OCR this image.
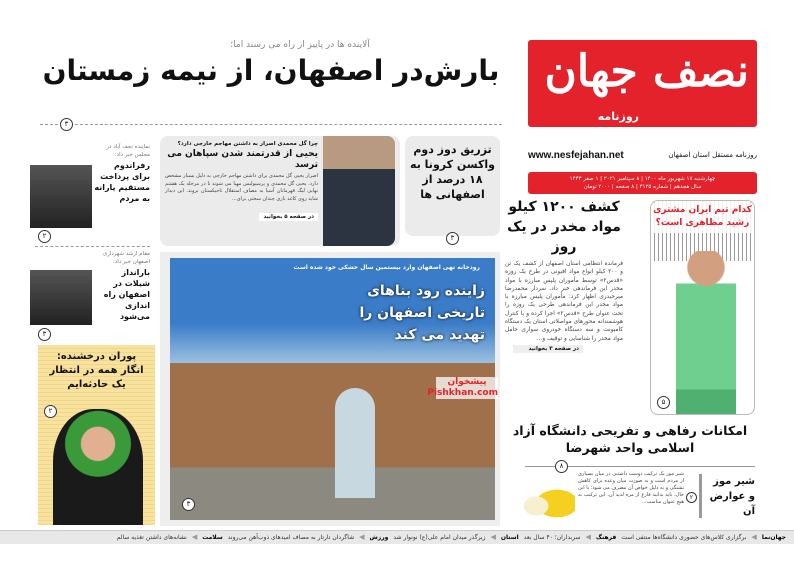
نصف جهان
روزنامه
www.nesfejahan.net	روزنامه مستقل استان اصفهان
چهارشنبه ۱۷ شهریور ماه ۱۴۰۰ | ۸ سپتامبر ۲۰۲۱ | ۱ صفر ۱۴۴۳
سال هجدهم | شماره ۴۱۲۵ | ۸ صفحه | ۲۰۰۰ تومان
آلاینده ها در پاییز از راه می رسند اما؛
بارش‌در اصفهان، از نیمه زمستان
۳
تزریق دوز دوم واکسن کرونا به ۱۸ درصد از اصفهانی ها
۳
چرا گل محمدی اصرار به داشتن مهاجم خارجی دارد؟
یحیی از قدرتمند شدن سپاهان می ترسد
اصرار یحیی گل محمدی برای داشتن مهاجم خارجی به دلیل بسیار مشخص دارد. یحیی گل محمدی و پرسپولیس مهیا می شوند تا در مرحله یک هشتم نهایی لیگ قهرمانان آسیا به مصاف استقلال تاجیکستان بروند. این دیدار شاید روی کاغذ بازی چندان سختی برای...
در صفحه ۵ بخوانید
نماینده نجف آباد در مجلس خبر داد:
رفراندوم برای پرداخت مستقیم یارانه به مردم
۲
مقام ارشد شهرداری اصفهان خبر داد:
بارانداز شیلات در اصفهان راه اندازی می‌شود
۳
پوران درخشنده: انگار همه در انتظار یک حادثه‌ایم
۲
رودخانه تهی اصفهان وارد بیستمین سال خشکی خود شده است
زاینده رود بناهای تاریخی اصفهان را تهدید می کند
۳
پیشخوان Pishkhan.com
کشف ۱۲۰۰ کیلو مواد مخدر در یک روز
فرمانده انتظامی استان اصفهان از کشف یک تن و ۲۰۰ کیلو انواع مواد افیونی در طرح یک روزه «قدس۲» توسط مأموران پلیس مبارزه با مواد مخدر این فرماندهی خبر داد. سردار محمدرضا میرحیدری اظهار کرد: مأموران پلیس مبارزه با مواد مخدر این فرماندهی طرحی یک روزه را تحت عنوان طرح «قدس۲» اجرا کرده و با کنترل هوشمندانه محورهای مواصلاتی استان یک دستگاه کامیونت و سه دستگاه خودروی سواری حامل مواد مخدر را شناسایی و توقیف و...
در صفحه ۳ بخوانید
کدام تیم ایران مشتری رشید مظاهری است؟
۵
امکانات رفاهی و تفریحی دانشگاه آزاد اسلامی واحد شهرضا
۸
شیر موز و عوارض آن
۲
شیر موز یک ترکیب دوست داشتنی در میان بسیاری از مردم است و به صورت میان وعده برای کاهش تشنگی و به دلیل خواص آن مصرف می شود؛ با این حال، باید بدانید فارغ از مزه لذیذ آن، این ترکیب به هیچ عنوان مناسب...
جهان‌نما
◀
برگزاری کلاس‌های حضوری دانشگاه‌ها منتفی است
فرهنگ
◀
سربداران؛ ۴۰ سال بعد
استان
◀
زیرگذر میدان امام علی(ع) نونوار شد
ورزش
◀
شاگردان تارتار به مصاف امیدهای ذوب‌آهن می‌روند
سلامت
◀
نشانه‌های داشتن تغذیه سالم
